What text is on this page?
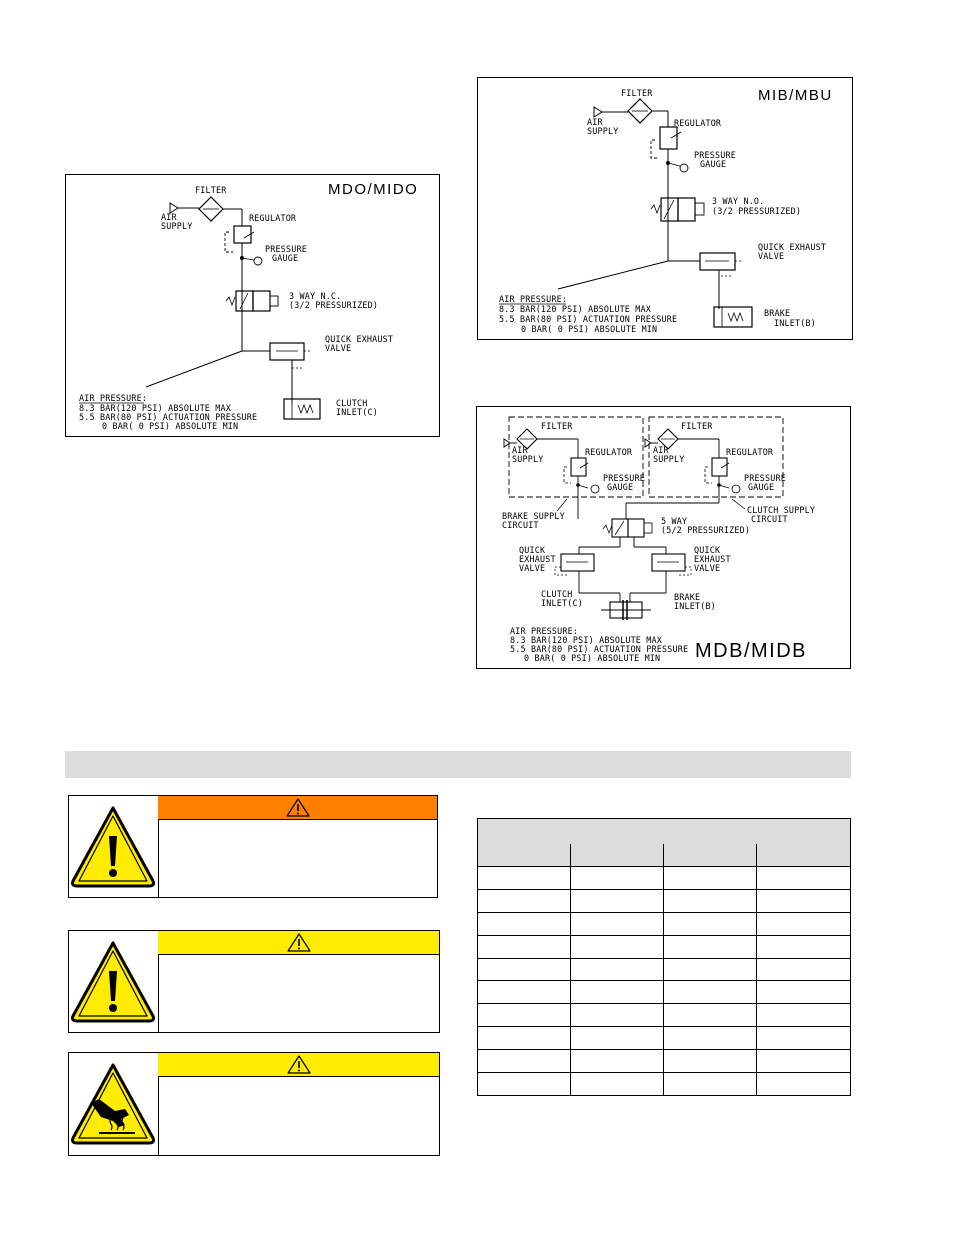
MDO/MIDO
FILTER
AIR
SUPPLY
REGULATOR
PRESSURE
GAUGE
3 WAY N.C.
(3/2 PRESSURIZED)
QUICK EXHAUST
VALVE
CLUTCH
INLET(C)
AIR PRESSURE:
8.3 BAR(120 PSI) ABSOLUTE MAX
5.5 BAR(80 PSI) ACTUATION PRESSURE
0 BAR( 0 PSI) ABSOLUTE MIN
MIB/MBU
FILTER
AIR
SUPPLY
REGULATOR
PRESSURE
GAUGE
3 WAY N.O.
(3/2 PRESSURIZED)
QUICK EXHAUST
VALVE
BRAKE
INLET(B)
AIR PRESSURE:
8.3 BAR(120 PSI) ABSOLUTE MAX
5.5 BAR(80 PSI) ACTUATION PRESSURE
0 BAR( 0 PSI) ABSOLUTE MIN
FILTER
AIR
SUPPLY
REGULATOR
PRESSURE
GAUGE
FILTER
AIR
SUPPLY
REGULATOR
PRESSURE
GAUGE
BRAKE SUPPLY
CIRCUIT
CLUTCH SUPPLY
CIRCUIT
5 WAY
(5/2 PRESSURIZED)
QUICK
EXHAUST
VALVE
QUICK
EXHAUST
VALVE
CLUTCH
INLET(C)
BRAKE
INLET(B)
AIR PRESSURE:
8.3 BAR(120 PSI) ABSOLUTE MAX
5.5 BAR(80 PSI) ACTUATION PRESSURE
0 BAR( 0 PSI) ABSOLUTE MIN MDB/MIDB
